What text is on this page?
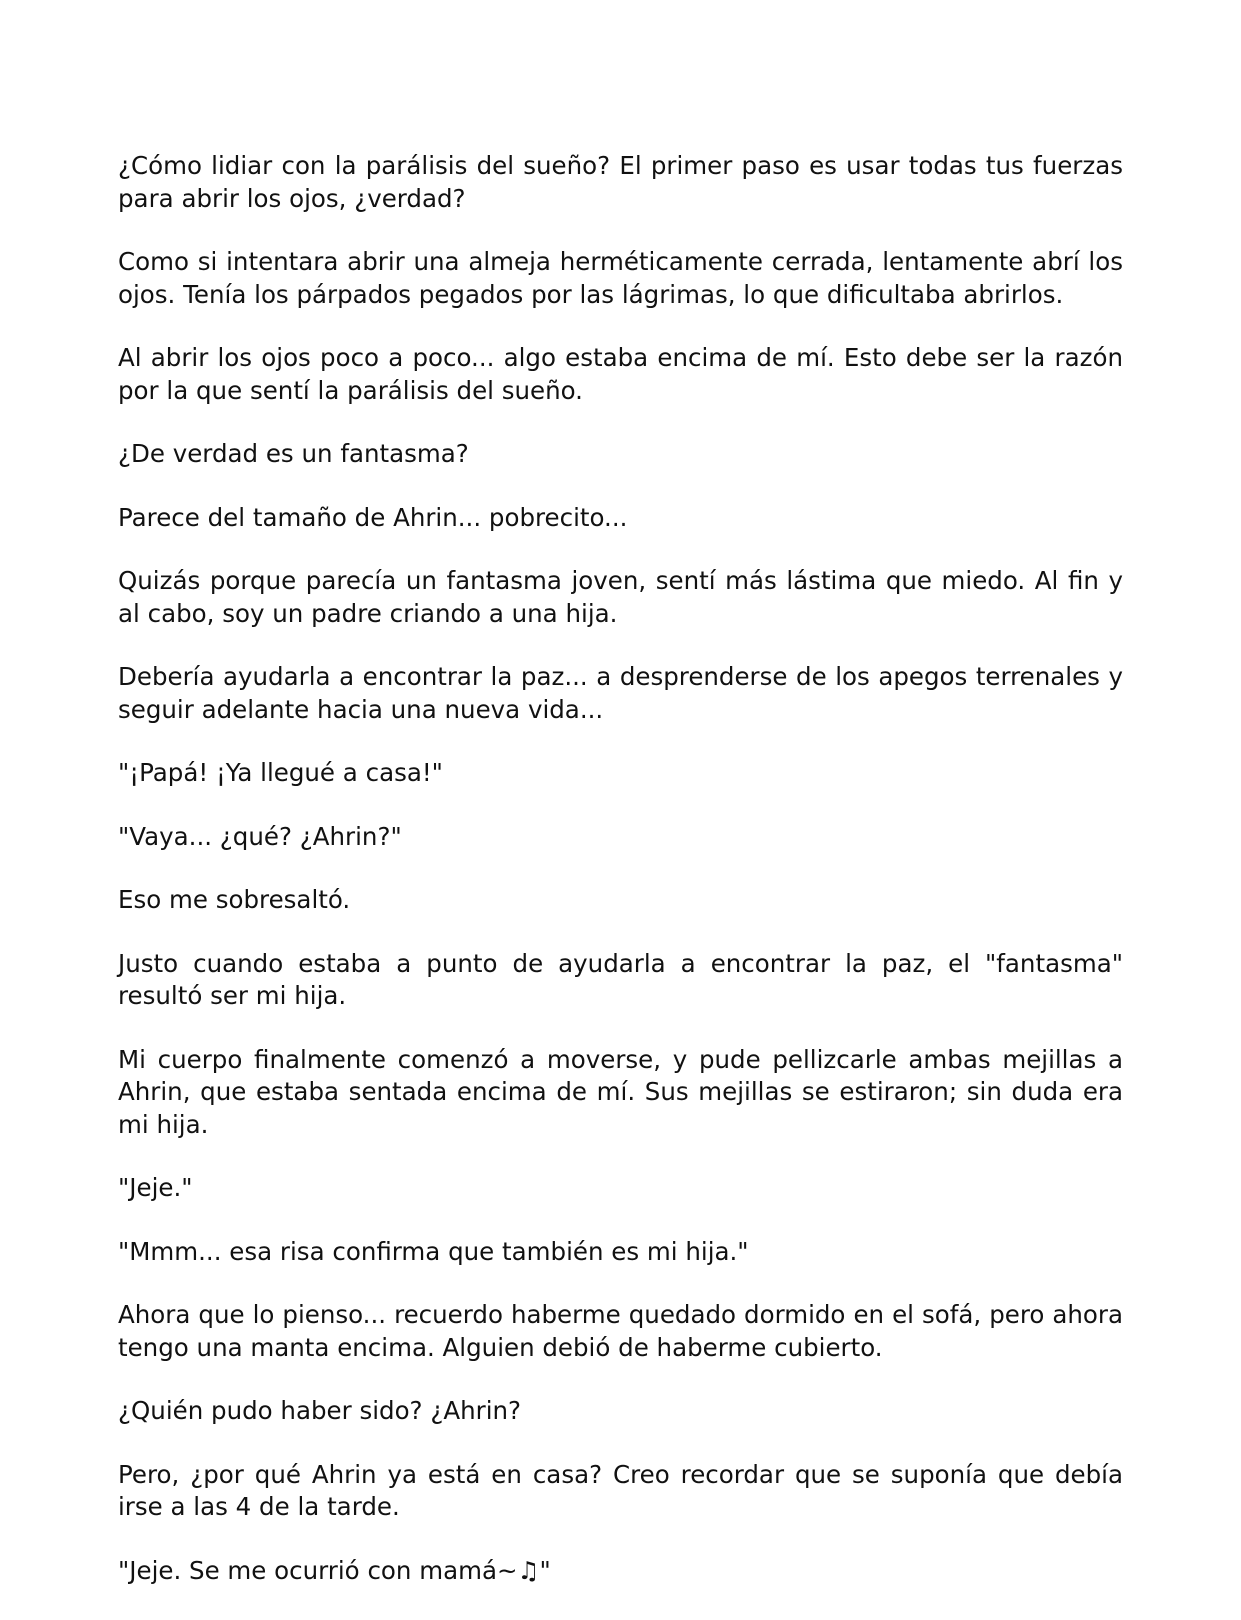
¿Cómo lidiar con la parálisis del sueño? El primer paso es usar todas tus fuerzas para abrir los ojos, ¿verdad?

Como si intentara abrir una almeja herméticamente cerrada, lentamente abrí los ojos. Tenía los párpados pegados por las lágrimas, lo que dificultaba abrirlos.

Al abrir los ojos poco a poco... algo estaba encima de mí. Esto debe ser la razón por la que sentí la parálisis del sueño.

¿De verdad es un fantasma?

Parece del tamaño de Ahrin... pobrecito...

Quizás porque parecía un fantasma joven, sentí más lástima que miedo. Al fin y al cabo, soy un padre criando a una hija.

Debería ayudarla a encontrar la paz... a desprenderse de los apegos terrenales y seguir adelante hacia una nueva vida...

"¡Papá! ¡Ya llegué a casa!"

"Vaya... ¿qué? ¿Ahrin?"

Eso me sobresaltó.

Justo cuando estaba a punto de ayudarla a encontrar la paz, el "fantasma" resultó ser mi hija.

Mi cuerpo finalmente comenzó a moverse, y pude pellizcarle ambas mejillas a Ahrin, que estaba sentada encima de mí. Sus mejillas se estiraron; sin duda era mi hija.

"Jeje."

"Mmm... esa risa confirma que también es mi hija."

Ahora que lo pienso... recuerdo haberme quedado dormido en el sofá, pero ahora tengo una manta encima. Alguien debió de haberme cubierto.

¿Quién pudo haber sido? ¿Ahrin?

Pero, ¿por qué Ahrin ya está en casa? Creo recordar que se suponía que debía irse a las 4 de la tarde.

"Jeje. Se me ocurrió con mamá~♫"
